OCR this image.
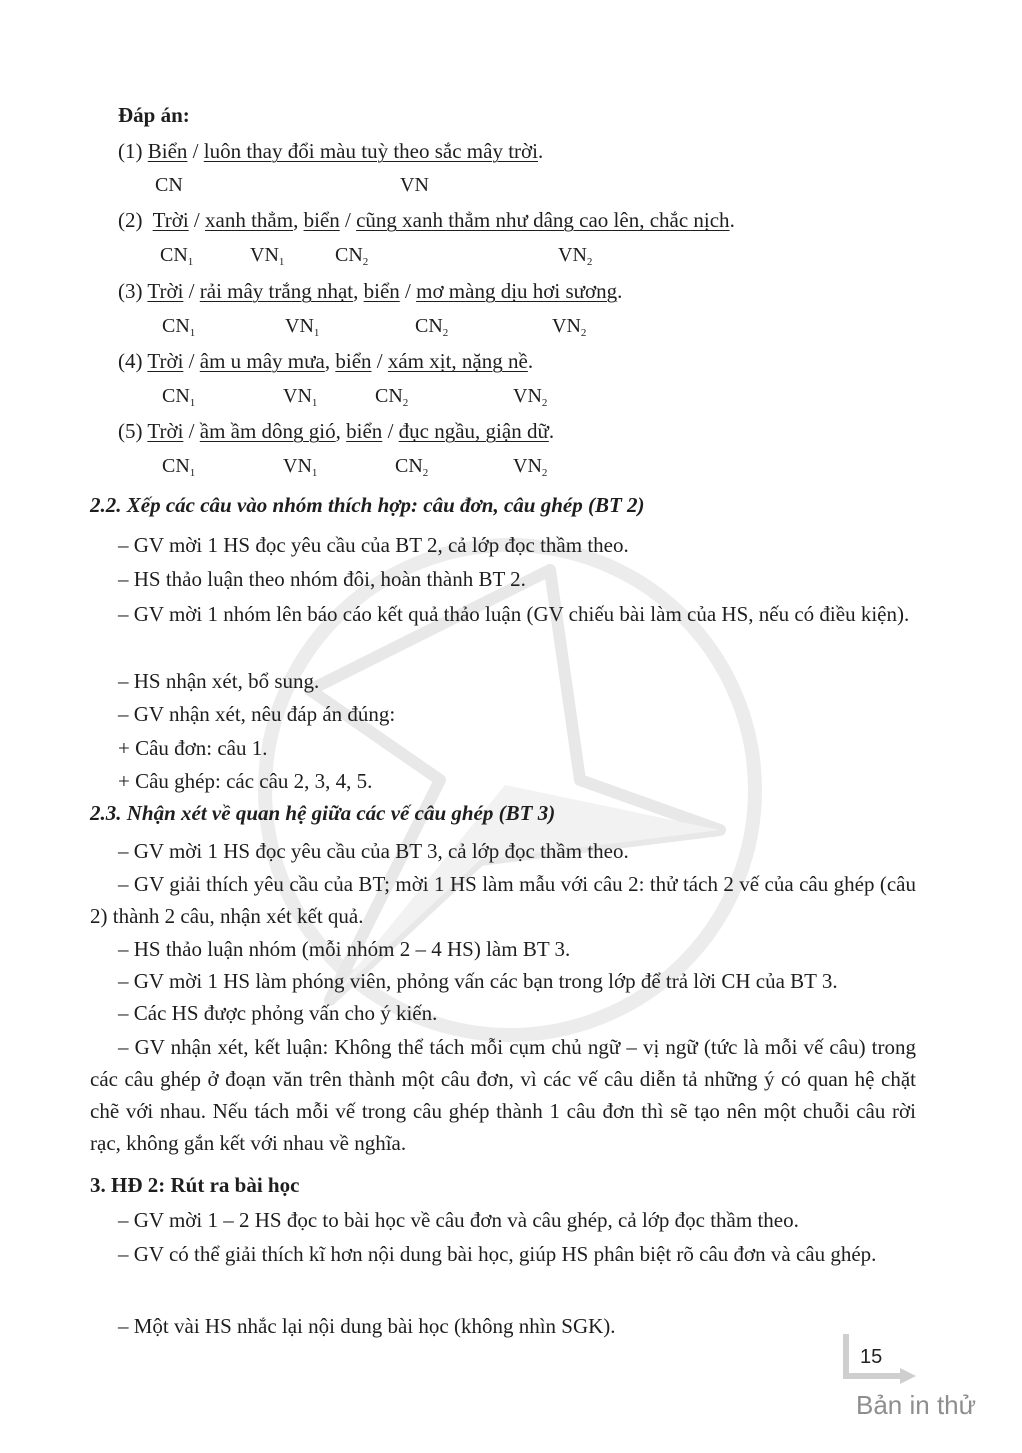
Đáp án:
(1) Biển / luôn thay đổi màu tuỳ theo sắc mây trời.
CN	VN
(2)  Trời / xanh thẳm, biển / cũng xanh thẳm như dâng cao lên, chắc nịch.
$CN_1$	$VN_1$	$CN_2$	$VN_2$
(3) Trời / rải mây trắng nhạt, biển / mơ màng dịu hơi sương.
$CN_1$	$VN_1$	$CN_2$	$VN_2$
(4) Trời / âm u mây mưa, biển / xám xịt, nặng nề.
$CN_1$	$VN_1$	$CN_2$	$VN_2$
(5) Trời / ầm ầm dông gió, biển / đục ngầu, giận dữ.
$CN_1$	$VN_1$	$CN_2$	$VN_2$
2.2. Xếp các câu vào nhóm thích hợp: câu đơn, câu ghép (BT 2)
– GV mời 1 HS đọc yêu cầu của BT 2, cả lớp đọc thầm theo.
– HS thảo luận theo nhóm đôi, hoàn thành BT 2.
– GV mời 1 nhóm lên báo cáo kết quả thảo luận (GV chiếu bài làm của HS, nếu có điều kiện).
– HS nhận xét, bổ sung.
– GV nhận xét, nêu đáp án đúng:
+ Câu đơn: câu 1.
+ Câu ghép: các câu 2, 3, 4, 5.
2.3. Nhận xét về quan hệ giữa các vế câu ghép (BT 3)
– GV mời 1 HS đọc yêu cầu của BT 3, cả lớp đọc thầm theo.
– GV giải thích yêu cầu của BT; mời 1 HS làm mẫu với câu 2: thử tách 2 vế của câu ghép (câu 2) thành 2 câu, nhận xét kết quả.
– HS thảo luận nhóm (mỗi nhóm 2 – 4 HS) làm BT 3.
– GV mời 1 HS làm phóng viên, phỏng vấn các bạn trong lớp để trả lời CH của BT 3.
– Các HS được phỏng vấn cho ý kiến.
– GV nhận xét, kết luận: Không thể tách mỗi cụm chủ ngữ – vị ngữ (tức là mỗi vế câu) trong các câu ghép ở đoạn văn trên thành một câu đơn, vì các vế câu diễn tả những ý có quan hệ chặt chẽ với nhau. Nếu tách mỗi vế trong câu ghép thành 1 câu đơn thì sẽ tạo nên một chuỗi câu rời rạc, không gắn kết với nhau về nghĩa.
3. HĐ 2: Rút ra bài học
– GV mời 1 – 2 HS đọc to bài học về câu đơn và câu ghép, cả lớp đọc thầm theo.
– GV có thể giải thích kĩ hơn nội dung bài học, giúp HS phân biệt rõ câu đơn và câu ghép.
– Một vài HS nhắc lại nội dung bài học (không nhìn SGK).
15
Bản in thử
